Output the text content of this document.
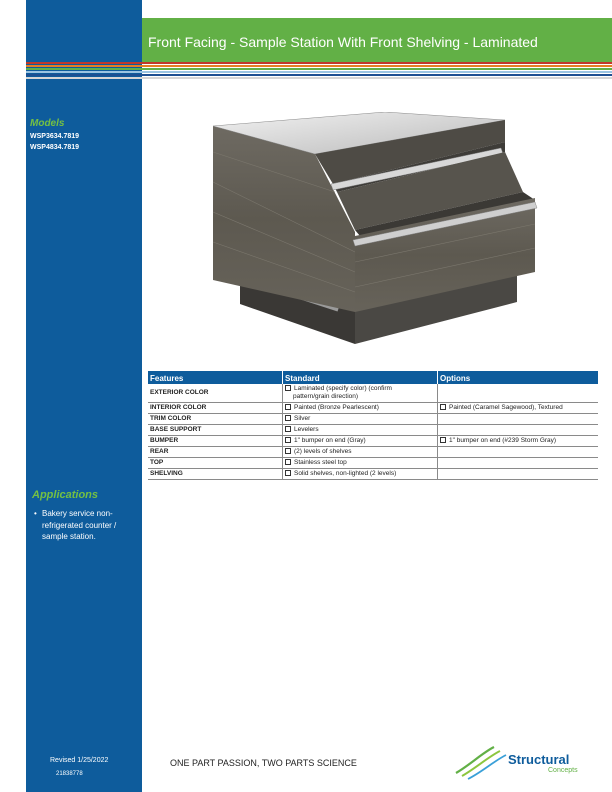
Front Facing - Sample Station With Front Shelving - Laminated
Models
WSP3634.7819
WSP4834.7819
Features	Standard	Options
EXTERIOR COLOR	Laminated (specify color) (confirm
pattern/grain direction)	

INTERIOR COLOR	Painted (Bronze Pearlescent)	Painted (Caramel Sagewood), Textured
TRIM COLOR	Silver	
BASE SUPPORT	Levelers	
BUMPER	1" bumper on end (Gray)	1" bumper on end (#239 Storm Gray)
REAR	(2) levels of shelves	
TOP	Stainless steel top	
SHELVING	Solid shelves, non-lighted (2 levels)	
Applications
• Bakery service non-refrigerated counter / sample station.
Revised 1/25/2022
21838778
ONE PART PASSION, TWO PARTS SCIENCE	Structural
Concepts
